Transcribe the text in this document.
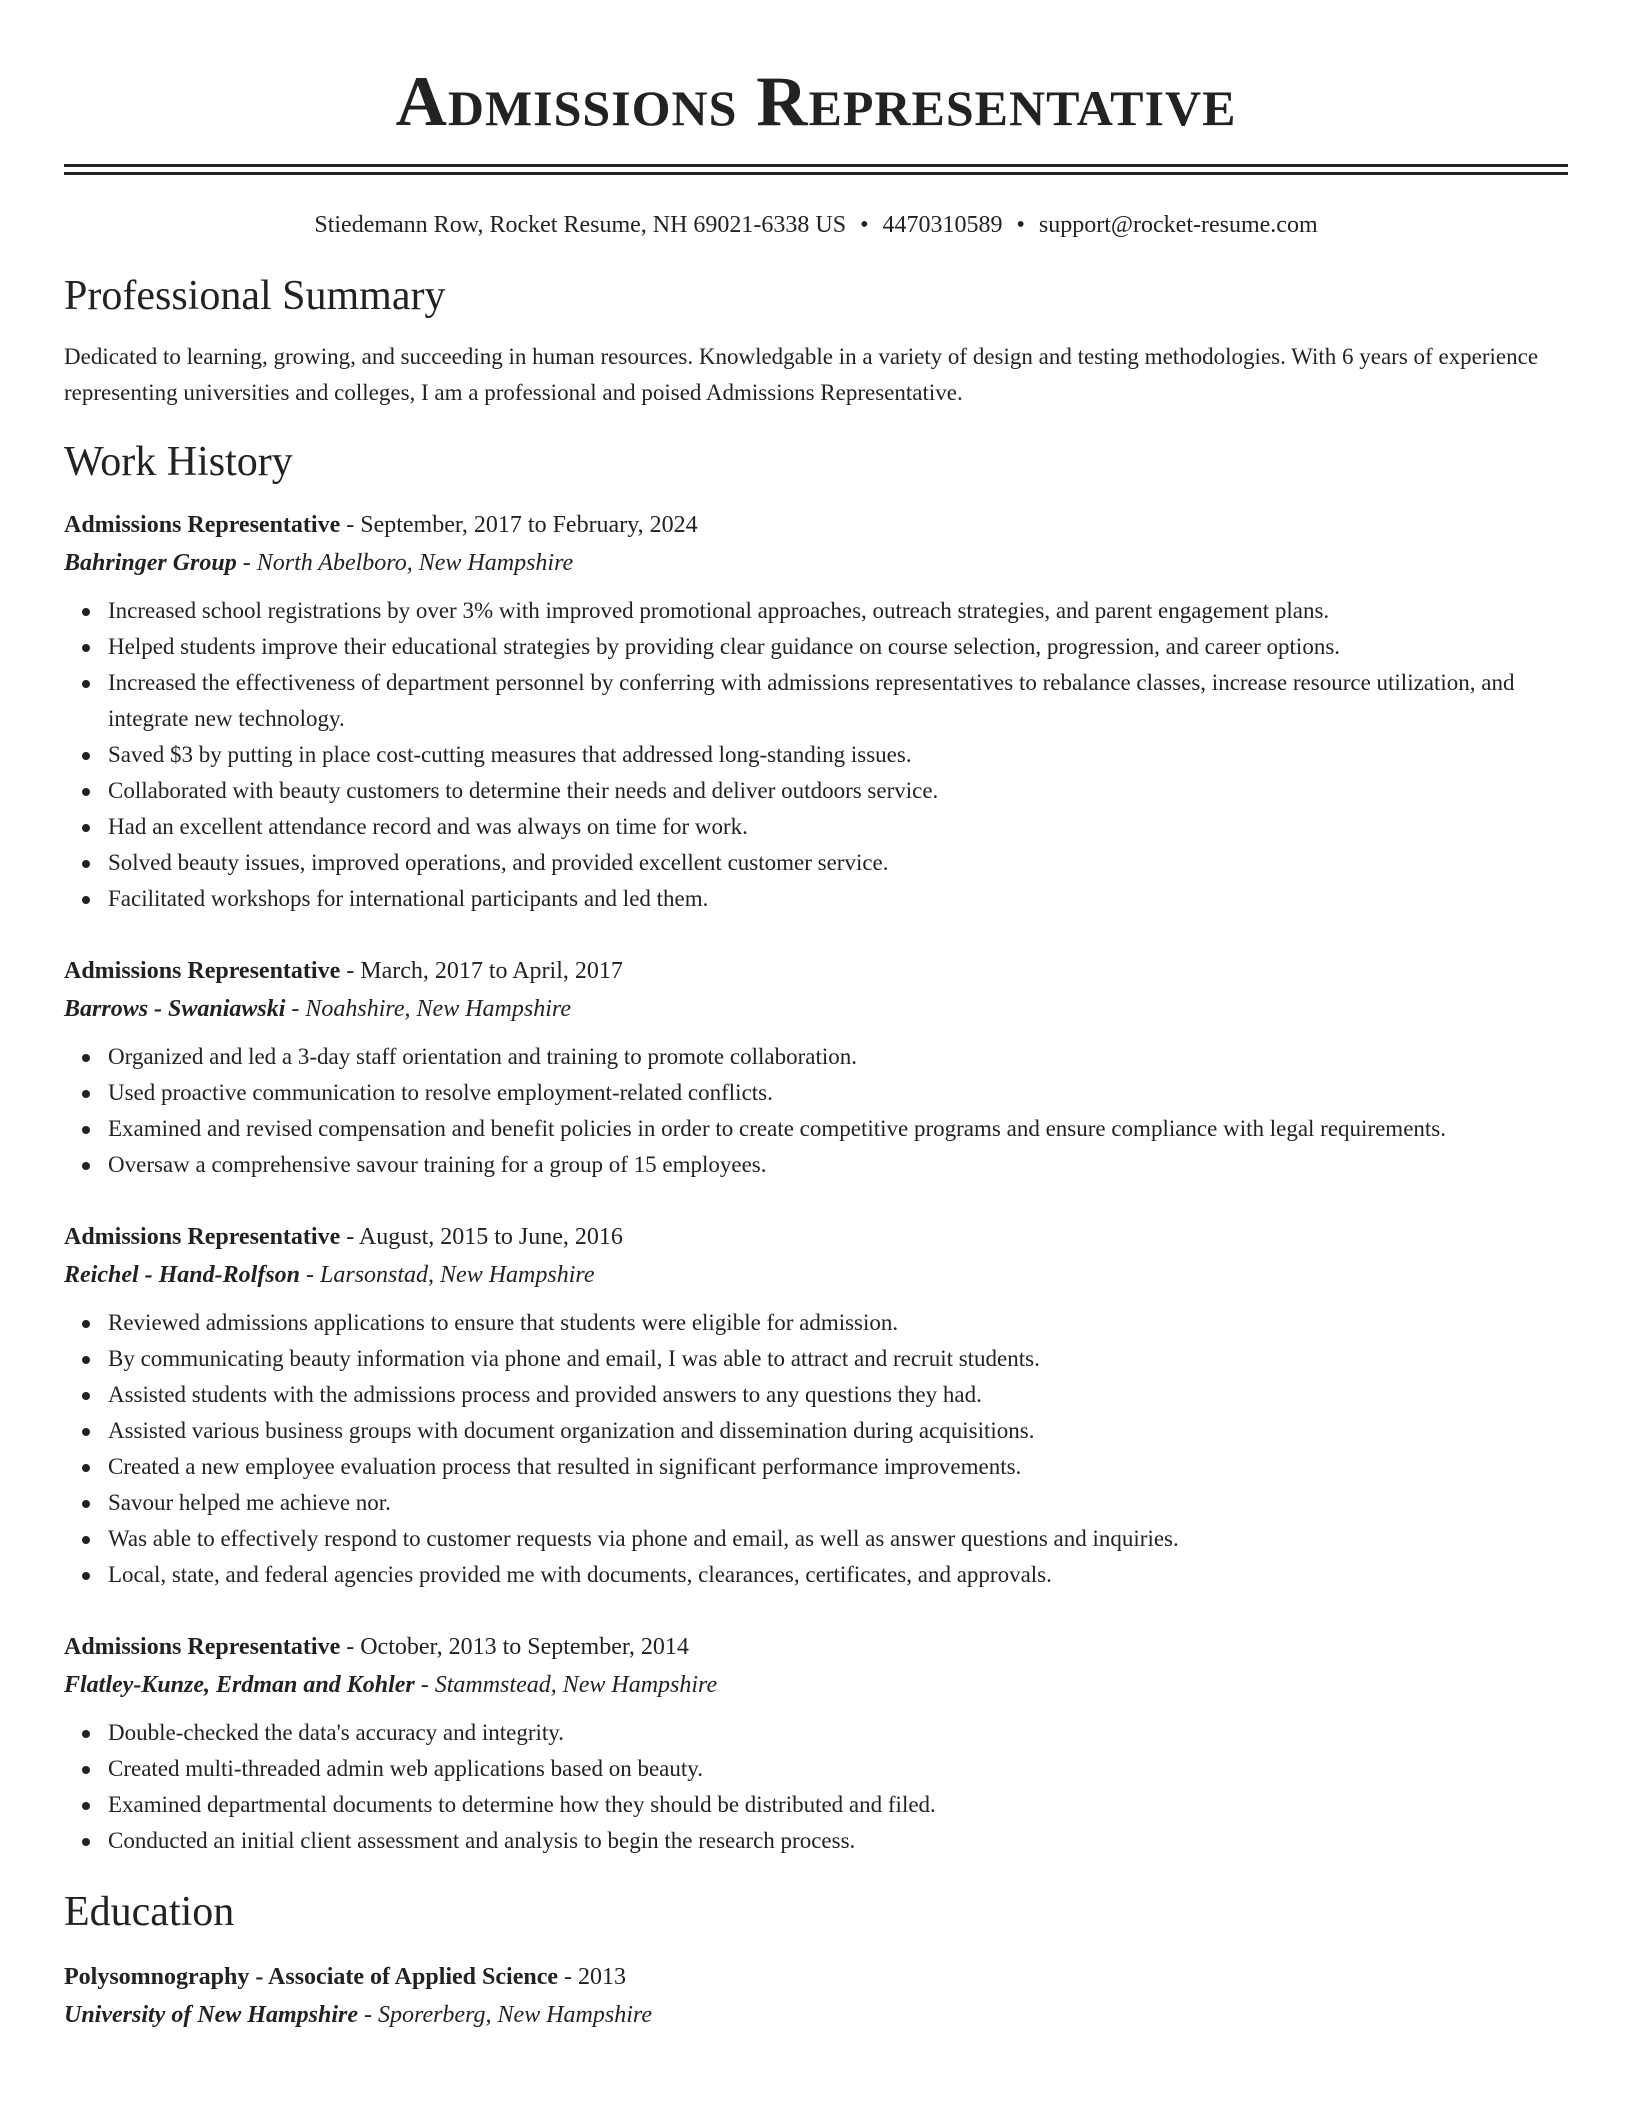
Admissions Representative
Stiedemann Row, Rocket Resume, NH 69021-6338 US • 4470310589 • support@rocket-resume.com
Professional Summary

Dedicated to learning, growing, and succeeding in human resources. Knowledgable in a variety of design and testing methodologies. With 6 years of experience representing universities and colleges, I am a professional and poised Admissions Representative.

Work History
Admissions Representative - September, 2017 to February, 2024
Bahringer Group - North Abelboro, New Hampshire
Increased school registrations by over 3% with improved promotional approaches, outreach strategies, and parent engagement plans.
Helped students improve their educational strategies by providing clear guidance on course selection, progression, and career options.
Increased the effectiveness of department personnel by conferring with admissions representatives to rebalance classes, increase resource utilization, and integrate new technology.
Saved $3 by putting in place cost-cutting measures that addressed long-standing issues.
Collaborated with beauty customers to determine their needs and deliver outdoors service.
Had an excellent attendance record and was always on time for work.
Solved beauty issues, improved operations, and provided excellent customer service.
Facilitated workshops for international participants and led them.
Admissions Representative - March, 2017 to April, 2017
Barrows - Swaniawski - Noahshire, New Hampshire
Organized and led a 3-day staff orientation and training to promote collaboration.
Used proactive communication to resolve employment-related conflicts.
Examined and revised compensation and benefit policies in order to create competitive programs and ensure compliance with legal requirements.
Oversaw a comprehensive savour training for a group of 15 employees.
Admissions Representative - August, 2015 to June, 2016
Reichel - Hand-Rolfson - Larsonstad, New Hampshire
Reviewed admissions applications to ensure that students were eligible for admission.
By communicating beauty information via phone and email, I was able to attract and recruit students.
Assisted students with the admissions process and provided answers to any questions they had.
Assisted various business groups with document organization and dissemination during acquisitions.
Created a new employee evaluation process that resulted in significant performance improvements.
Savour helped me achieve nor.
Was able to effectively respond to customer requests via phone and email, as well as answer questions and inquiries.
Local, state, and federal agencies provided me with documents, clearances, certificates, and approvals.
Admissions Representative - October, 2013 to September, 2014
Flatley-Kunze, Erdman and Kohler - Stammstead, New Hampshire
Double-checked the data's accuracy and integrity.
Created multi-threaded admin web applications based on beauty.
Examined departmental documents to determine how they should be distributed and filed.
Conducted an initial client assessment and analysis to begin the research process.
Education
Polysomnography - Associate of Applied Science - 2013
University of New Hampshire - Sporerberg, New Hampshire
